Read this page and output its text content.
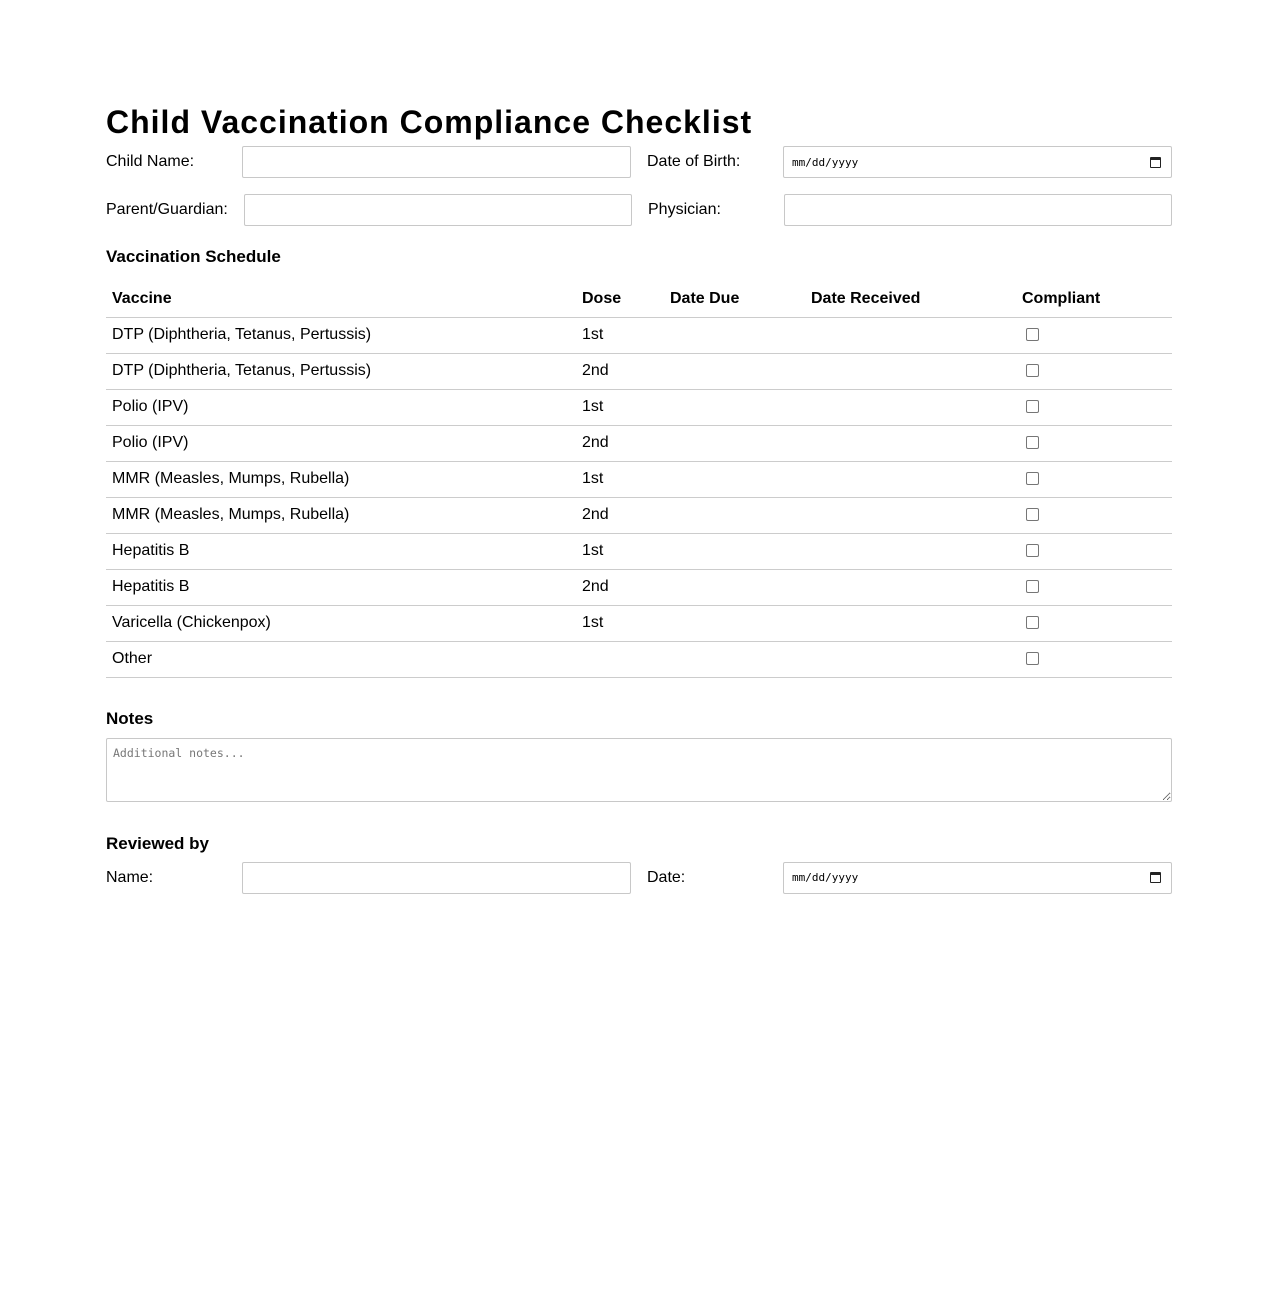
Child Vaccination Compliance Checklist
Child Name:	Date of Birth:	mm/dd/yyyy
Parent/Guardian:	Physician:
Vaccination Schedule
Vaccine	Dose	Date Due	Date Received	Compliant
DTP (Diphtheria, Tetanus, Pertussis)	1st			
DTP (Diphtheria, Tetanus, Pertussis)	2nd			
Polio (IPV)	1st			
Polio (IPV)	2nd			
MMR (Measles, Mumps, Rubella)	1st			
MMR (Measles, Mumps, Rubella)	2nd			
Hepatitis B	1st			
Hepatitis B	2nd			
Varicella (Chickenpox)	1st			
Other				
Notes
Additional notes...
Reviewed by
Name:	Date:	mm/dd/yyyy
